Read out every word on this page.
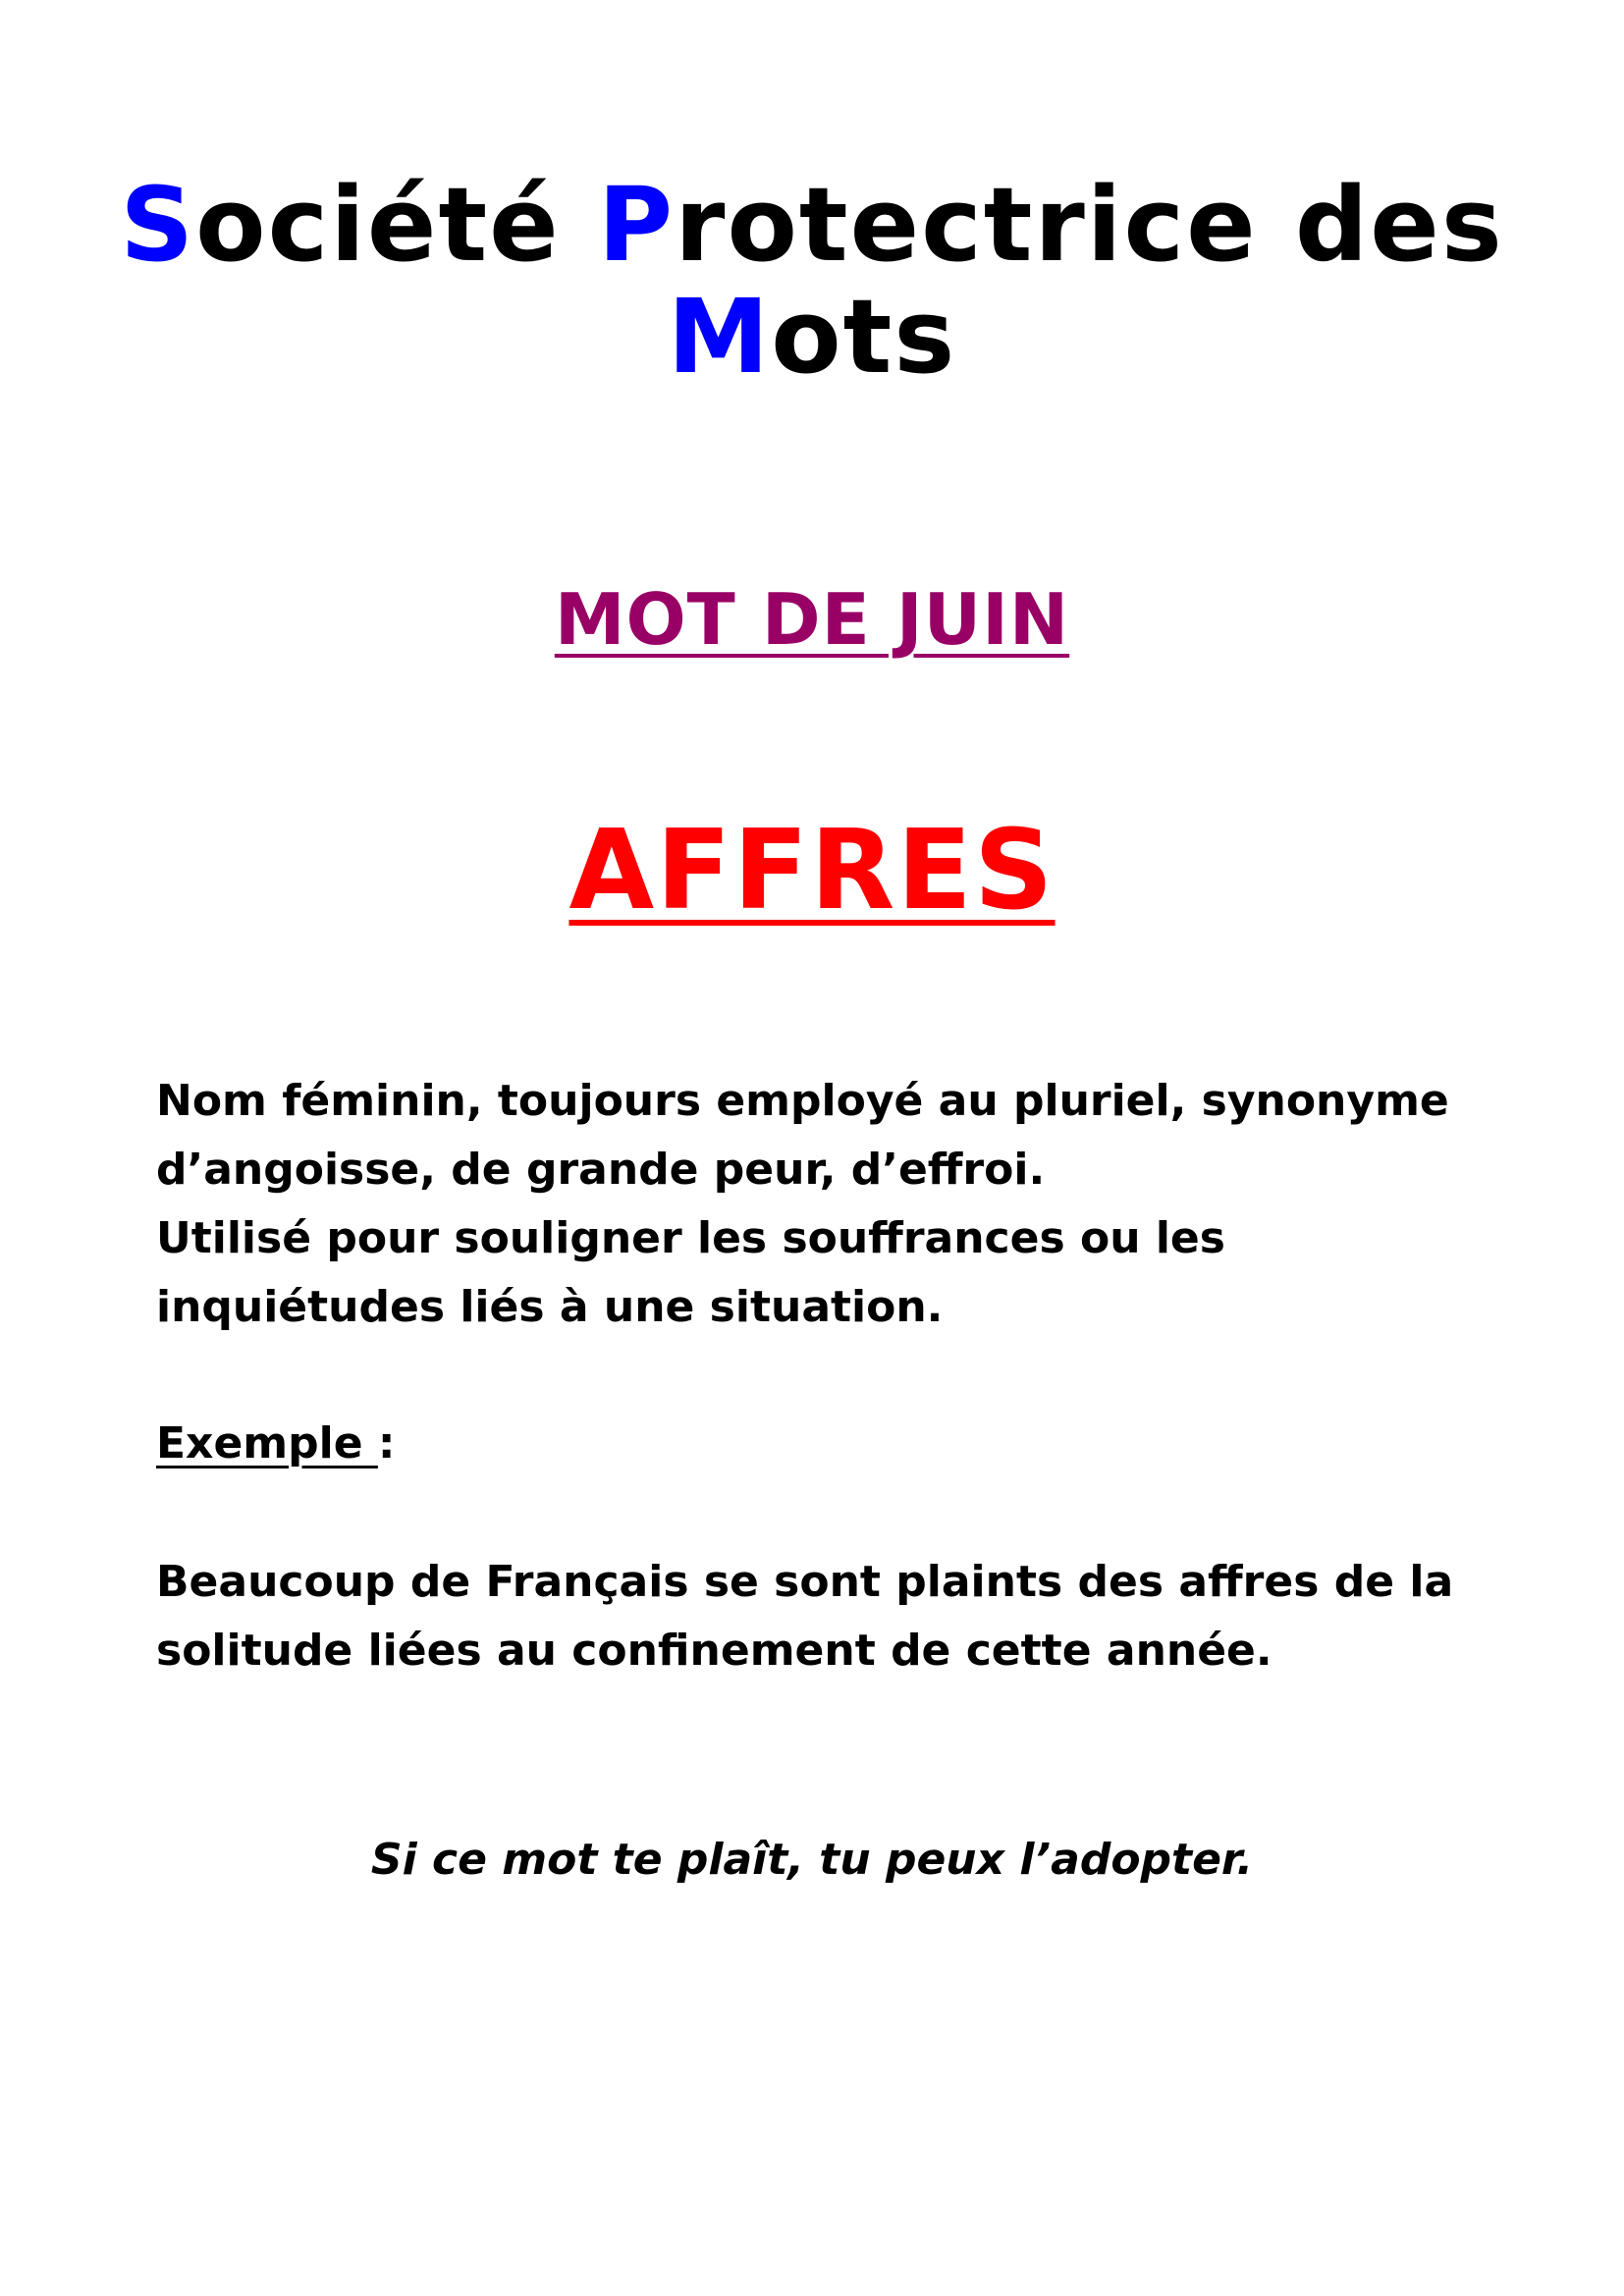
Société Protectrice des
Mots
MOT DE JUIN
AFFRES

Nom féminin, toujours employé au pluriel, synonyme
d’angoisse, de grande peur, d’effroi.
Utilisé pour souligner les souffrances ou les
inquiétudes liés à une situation.

Exemple :

Beaucoup de Français se sont plaints des affres de la
solitude liées au confinement de cette année.

Si ce mot te plaît, tu peux l’adopter.
